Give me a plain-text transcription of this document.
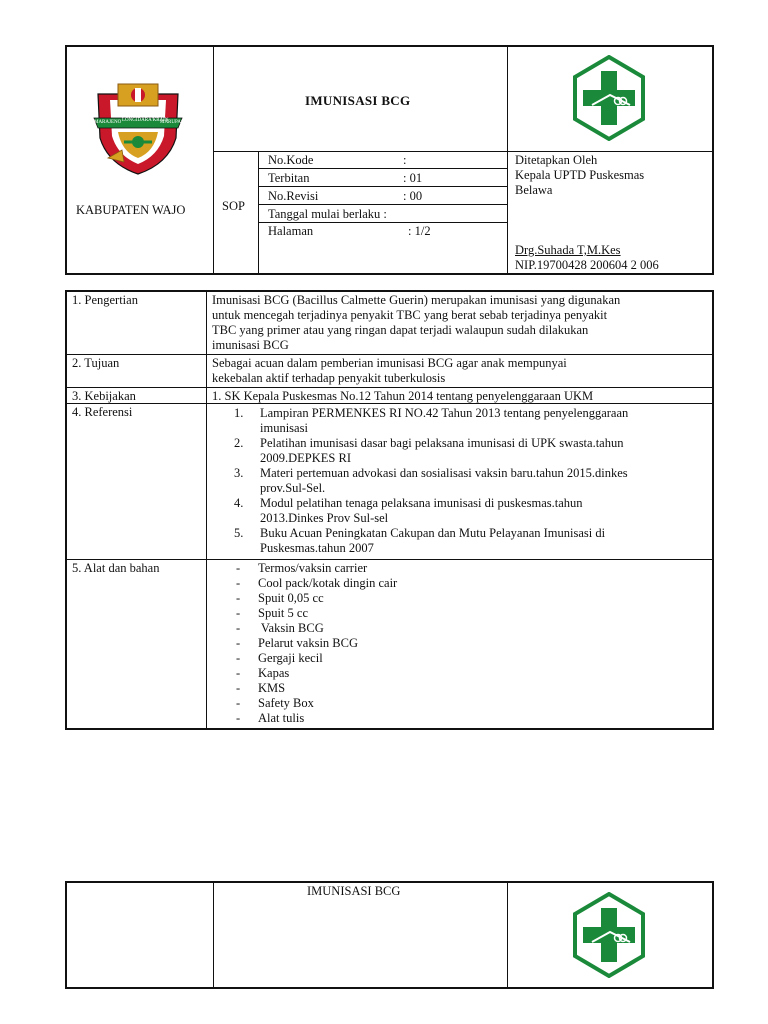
LONGIDARA'KRAIN
MARAJENO	MARUPASANG
KABUPATEN WAJO
IMUNISASI BCG
SOP
No.Kode	:
Terbitan	: 01
No.Revisi	: 00
Tanggal mulai berlaku :
Halaman	: 1/2
Ditetapkan Oleh
Kepala UPTD Puskesmas
Belawa
Drg.Suhada T,M.Kes
NIP.19700428 200604 2 006
1. Pengertian	Imunisasi BCG (Bacillus Calmette Guerin) merupakan imunisasi yang digunakan
untuk mencegah terjadinya penyakit TBC yang berat sebab terjadinya penyakit
TBC yang primer atau yang ringan dapat terjadi walaupun sudah dilakukan
imunisasi BCG
2. Tujuan	Sebagai acuan dalam pemberian imunisasi BCG agar anak mempunyai
kekebalan aktif terhadap penyakit tuberkulosis
3. Kebijakan	1. SK Kepala Puskesmas No.12 Tahun 2014 tentang penyelenggaraan UKM
4. Referensi	1. Lampiran PERMENKES RI NO.42 Tahun 2013 tentang penyelenggaraan
imunisasi
2. Pelatihan imunisasi dasar bagi pelaksana imunisasi di UPK swasta.tahun
2009.DEPKES RI
3. Materi pertemuan advokasi dan sosialisasi vaksin baru.tahun 2015.dinkes
prov.Sul-Sel.
4. Modul pelatihan tenaga pelaksana imunisasi di puskesmas.tahun
2013.Dinkes Prov Sul-sel
5. Buku Acuan Peningkatan Cakupan dan Mutu Pelayanan Imunisasi di
Puskesmas.tahun 2007
5. Alat dan bahan	- Termos/vaksin carrier
- Cool pack/kotak dingin cair
- Spuit 0,05 cc
- Spuit 5 cc
- Vaksin BCG
- Pelarut vaksin BCG
- Gergaji kecil
- Kapas
- KMS
- Safety Box
- Alat tulis
IMUNISASI BCG
